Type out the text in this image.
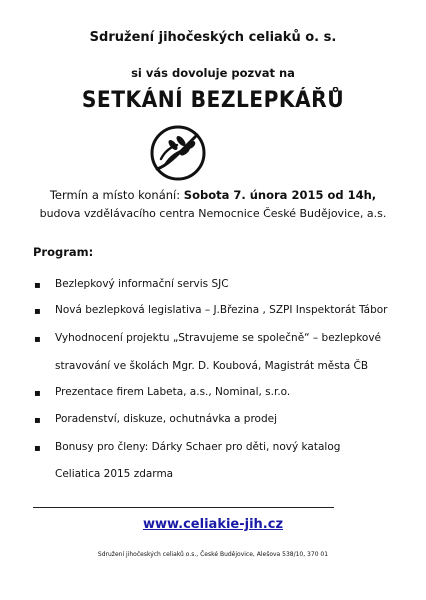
Sdružení jihočeských celiaků o. s.
si vás dovoluje pozvat na
SETKÁNÍ BEZLEPKÁŘŮ
Termín a místo konání: Sobota 7. února 2015 od 14h,
budova vzdělávacího centra Nemocnice České Budějovice, a.s.
Program:
▪ Bezlepkový informační servis SJC
▪ Nová bezlepková legislativa – J.Březina , SZPI Inspektorát Tábor
▪ Vyhodnocení projektu „Stravujeme se společně“ – bezlepkové
stravování ve školách Mgr. D. Koubová, Magistrát města ČB
▪ Prezentace firem Labeta, a.s., Nominal, s.r.o.
▪ Poradenství, diskuze, ochutnávka a prodej
▪ Bonusy pro členy: Dárky Schaer pro děti, nový katalog
Celiatica 2015 zdarma
www.celiakie-jih.cz
Sdružení jihočeských celiaků o.s., České Budějovice, Alešova 538/10, 370 01
